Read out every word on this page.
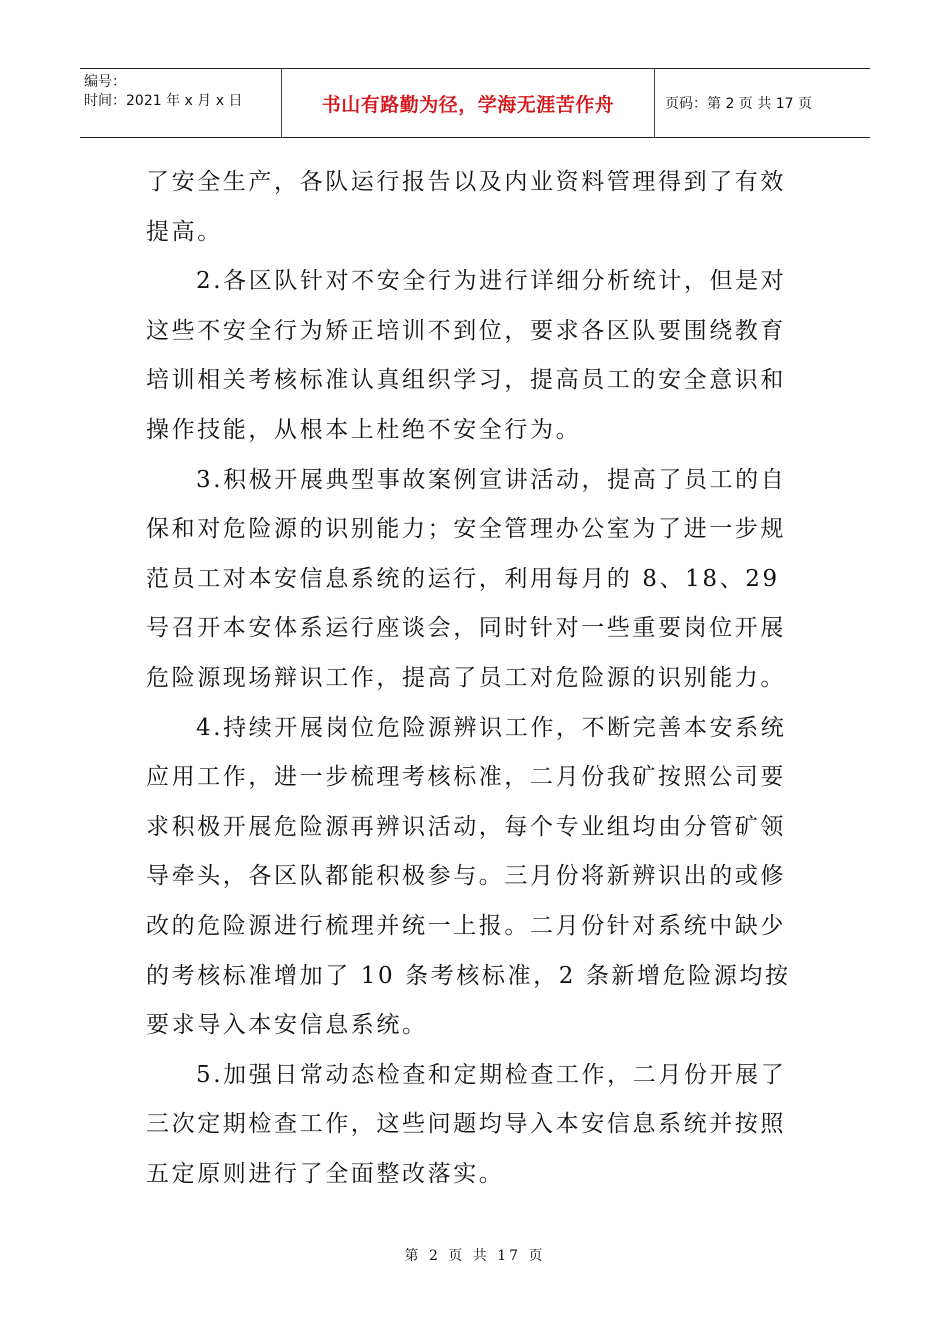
编号：
时间：2021 年 x 月 x 日	书山有路勤为径，学海无涯苦作舟	页码：第 2 页 共 17 页

了安全生产，各队运行报告以及内业资料管理得到了有效提高。

2.各区队针对不安全行为进行详细分析统计，但是对这些不安全行为矫正培训不到位，要求各区队要围绕教育培训相关考核标准认真组织学习，提高员工的安全意识和操作技能，从根本上杜绝不安全行为。

3.积极开展典型事故案例宣讲活动，提高了员工的自保和对危险源的识别能力；安全管理办公室为了进一步规范员工对本安信息系统的运行，利用每月的 8、18、29 号召开本安体系运行座谈会，同时针对一些重要岗位开展危险源现场辩识工作，提高了员工对危险源的识别能力。

4.持续开展岗位危险源辨识工作，不断完善本安系统应用工作，进一步梳理考核标准，二月份我矿按照公司要求积极开展危险源再辨识活动，每个专业组均由分管矿领导牵头，各区队都能积极参与。三月份将新辨识出的或修改的危险源进行梳理并统一上报。二月份针对系统中缺少的考核标准增加了 10 条考核标准，2 条新增危险源均按要求导入本安信息系统。

5.加强日常动态检查和定期检查工作，二月份开展了三次定期检查工作，这些问题均导入本安信息系统并按照五定原则进行了全面整改落实。

第 2 页 共 17 页
